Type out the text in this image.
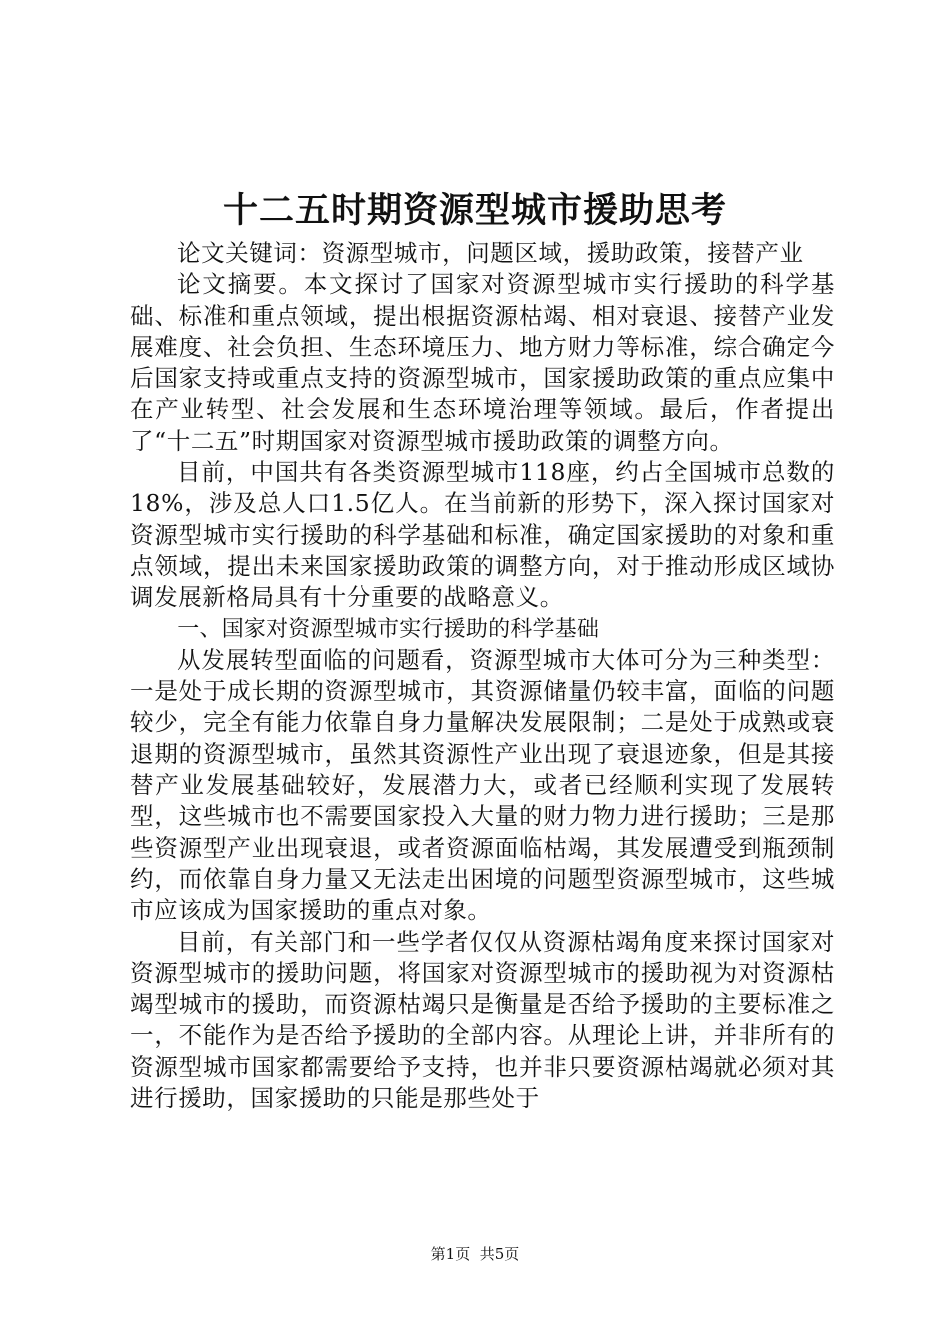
十二五时期资源型城市援助思考

论文关键词：资源型城市，问题区域，援助政策，接替产业

论文摘要。本文探讨了国家对资源型城市实行援助的科学基础、标准和重点领域，提出根据资源枯竭、相对衰退、接替产业发展难度、社会负担、生态环境压力、地方财力等标准，综合确定今后国家支持或重点支持的资源型城市，国家援助政策的重点应集中在产业转型、社会发展和生态环境治理等领域。最后，作者提出了“十二五”时期国家对资源型城市援助政策的调整方向。

目前，中国共有各类资源型城市118座，约占全国城市总数的18%，涉及总人口1.5亿人。在当前新的形势下，深入探讨国家对资源型城市实行援助的科学基础和标准，确定国家援助的对象和重点领域，提出未来国家援助政策的调整方向，对于推动形成区域协调发展新格局具有十分重要的战略意义。

一、国家对资源型城市实行援助的科学基础

从发展转型面临的问题看，资源型城市大体可分为三种类型：一是处于成长期的资源型城市，其资源储量仍较丰富，面临的问题较少，完全有能力依靠自身力量解决发展限制；二是处于成熟或衰退期的资源型城市，虽然其资源性产业出现了衰退迹象，但是其接替产业发展基础较好，发展潜力大，或者已经顺利实现了发展转型，这些城市也不需要国家投入大量的财力物力进行援助；三是那些资源型产业出现衰退，或者资源面临枯竭，其发展遭受到瓶颈制约，而依靠自身力量又无法走出困境的问题型资源型城市，这些城市应该成为国家援助的重点对象。

目前，有关部门和一些学者仅仅从资源枯竭角度来探讨国家对资源型城市的援助问题，将国家对资源型城市的援助视为对资源枯竭型城市的援助，而资源枯竭只是衡量是否给予援助的主要标准之一，不能作为是否给予援助的全部内容。从理论上讲，并非所有的资源型城市国家都需要给予支持，也并非只要资源枯竭就必须对其进行援助，国家援助的只能是那些处于

第1页 共5页
